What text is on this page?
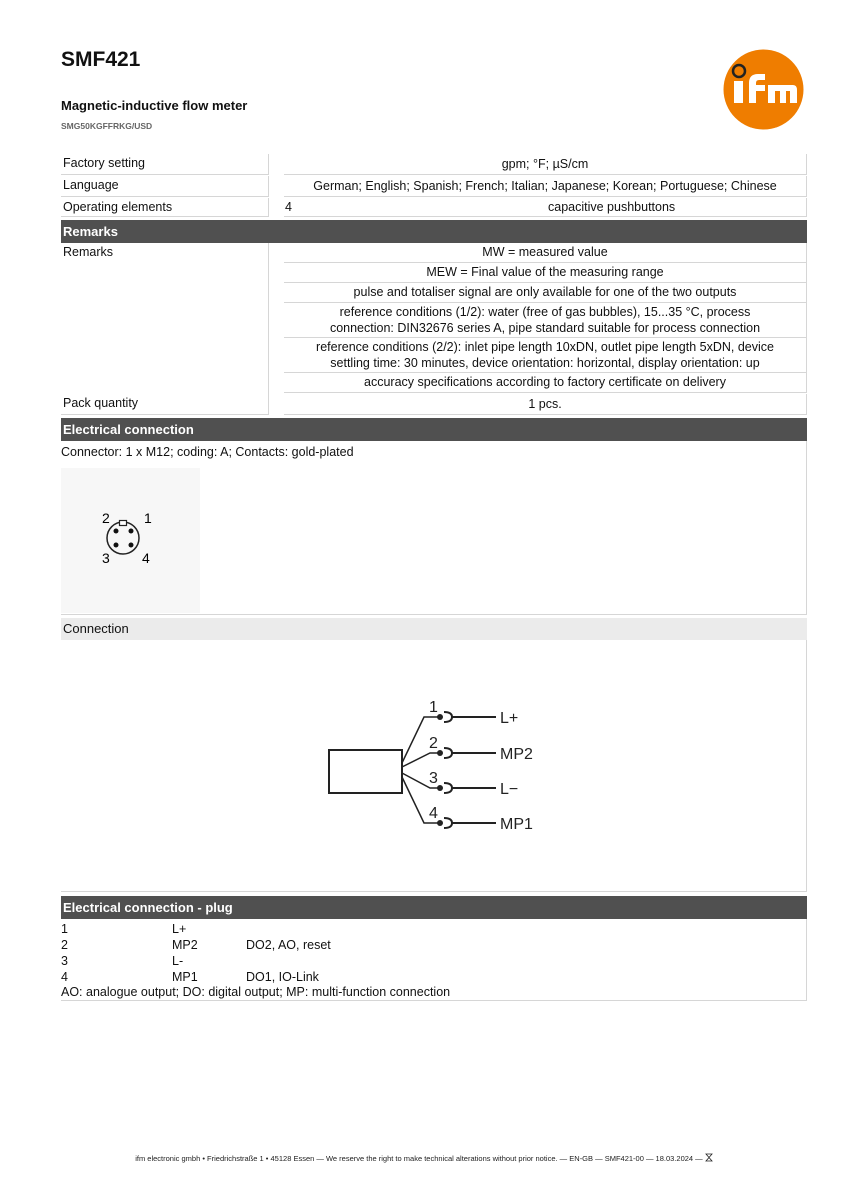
SMF421
Magnetic-inductive flow meter
SMG50KGFFRKG/USD
Factory setting	gpm; °F; µS/cm
Language	German; English; Spanish; French; Italian; Japanese; Korean; Portuguese; Chinese
Operating elements	4	capacitive pushbuttons
Remarks
Remarks	MW = measured value
MEW = Final value of the measuring range
pulse and totaliser signal are only available for one of the two outputs
reference conditions (1/2): water (free of gas bubbles), 15...35 °C, process connection: DIN32676 series A, pipe standard suitable for process connection
reference conditions (2/2): inlet pipe length 10xDN, outlet pipe length 5xDN, device settling time: 30 minutes, device orientation: horizontal, display orientation: up
accuracy specifications according to factory certificate on delivery
Pack quantity	1 pcs.
Electrical connection
Connector: 1 x M12; coding: A; Contacts: gold-plated
1
2
3 4
Connection
1
2
3
4
L+
MP2
L−
MP1
Electrical connection - plug
1	L+
2	MP2	DO2, AO, reset
3	L-
4	MP1	DO1, IO-Link
AO: analogue output; DO: digital output; MP: multi-function connection
ifm electronic gmbh • Friedrichstraße 1 • 45128 Essen — We reserve the right to make technical alterations without prior notice. — EN-GB — SMF421-00 — 18.03.2024 —
